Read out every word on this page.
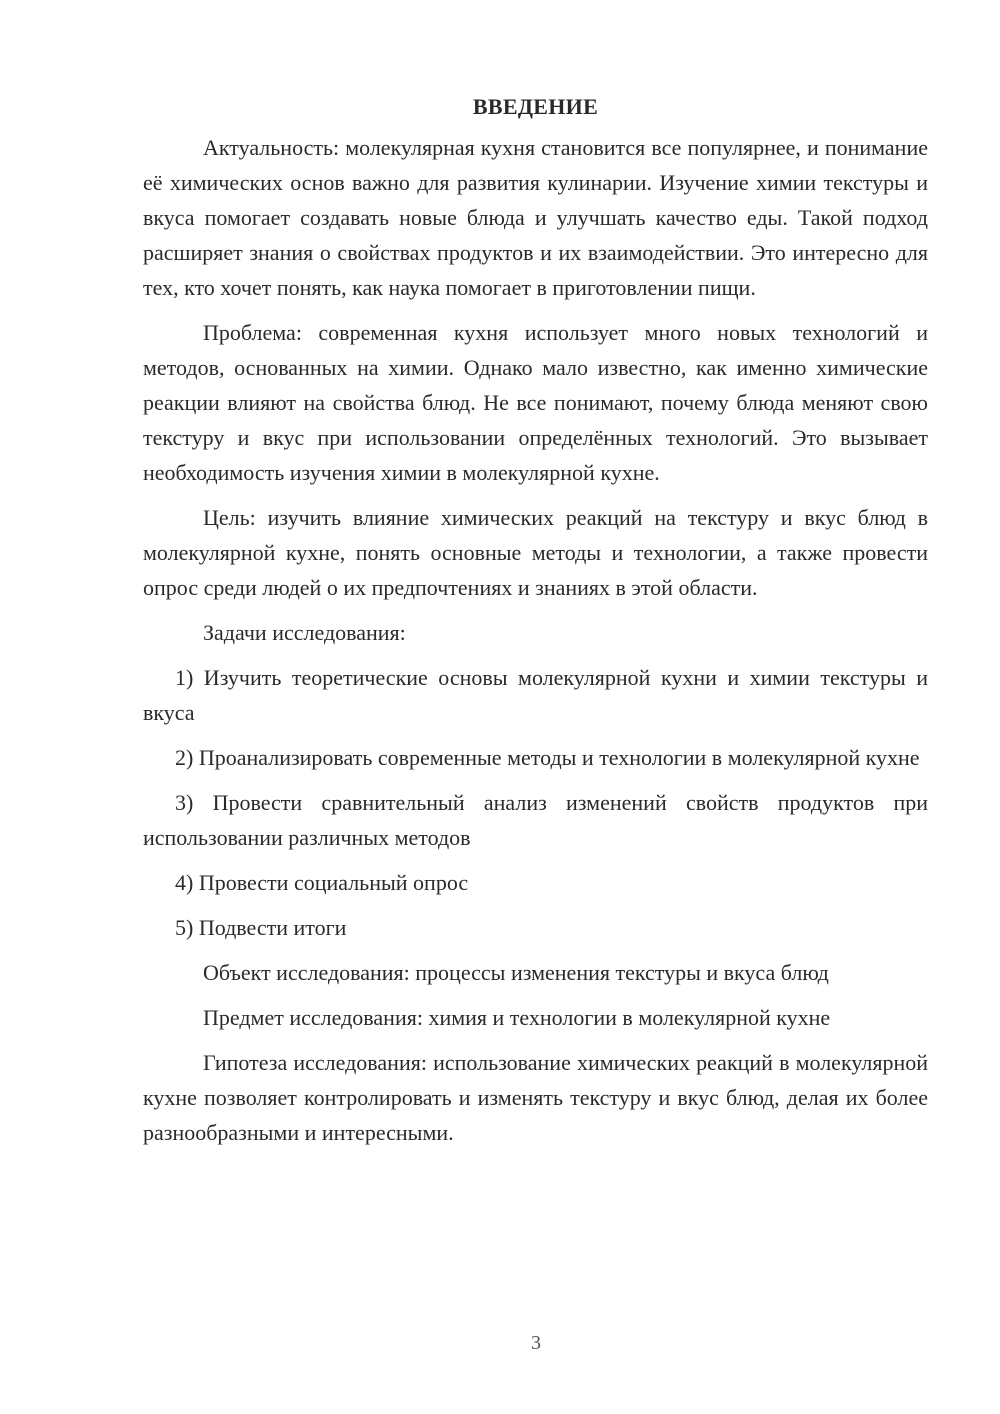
ВВЕДЕНИЕ

Актуальность: молекулярная кухня становится все популярнее, и понимание её химических основ важно для развития кулинарии. Изучение химии текстуры и вкуса помогает создавать новые блюда и улучшать качество еды. Такой подход расширяет знания о свойствах продуктов и их взаимодействии. Это интересно для тех, кто хочет понять, как наука помогает в приготовлении пищи.

Проблема: современная кухня использует много новых технологий и методов, основанных на химии. Однако мало известно, как именно химические реакции влияют на свойства блюд. Не все понимают, почему блюда меняют свою текстуру и вкус при использовании определённых технологий. Это вызывает необходимость изучения химии в молекулярной кухне.

Цель: изучить влияние химических реакций на текстуру и вкус блюд в молекулярной кухне, понять основные методы и технологии, а также провести опрос среди людей о их предпочтениях и знаниях в этой области.

Задачи исследования:

1) Изучить теоретические основы молекулярной кухни и химии текстуры и вкуса

2) Проанализировать современные методы и технологии в молекулярной кухне

3) Провести сравнительный анализ изменений свойств продуктов при использовании различных методов

4) Провести социальный опрос

5) Подвести итоги

Объект исследования: процессы изменения текстуры и вкуса блюд

Предмет исследования: химия и технологии в молекулярной кухне

Гипотеза исследования: использование химических реакций в молекулярной кухне позволяет контролировать и изменять текстуру и вкус блюд, делая их более разнообразными и интересными.

3
